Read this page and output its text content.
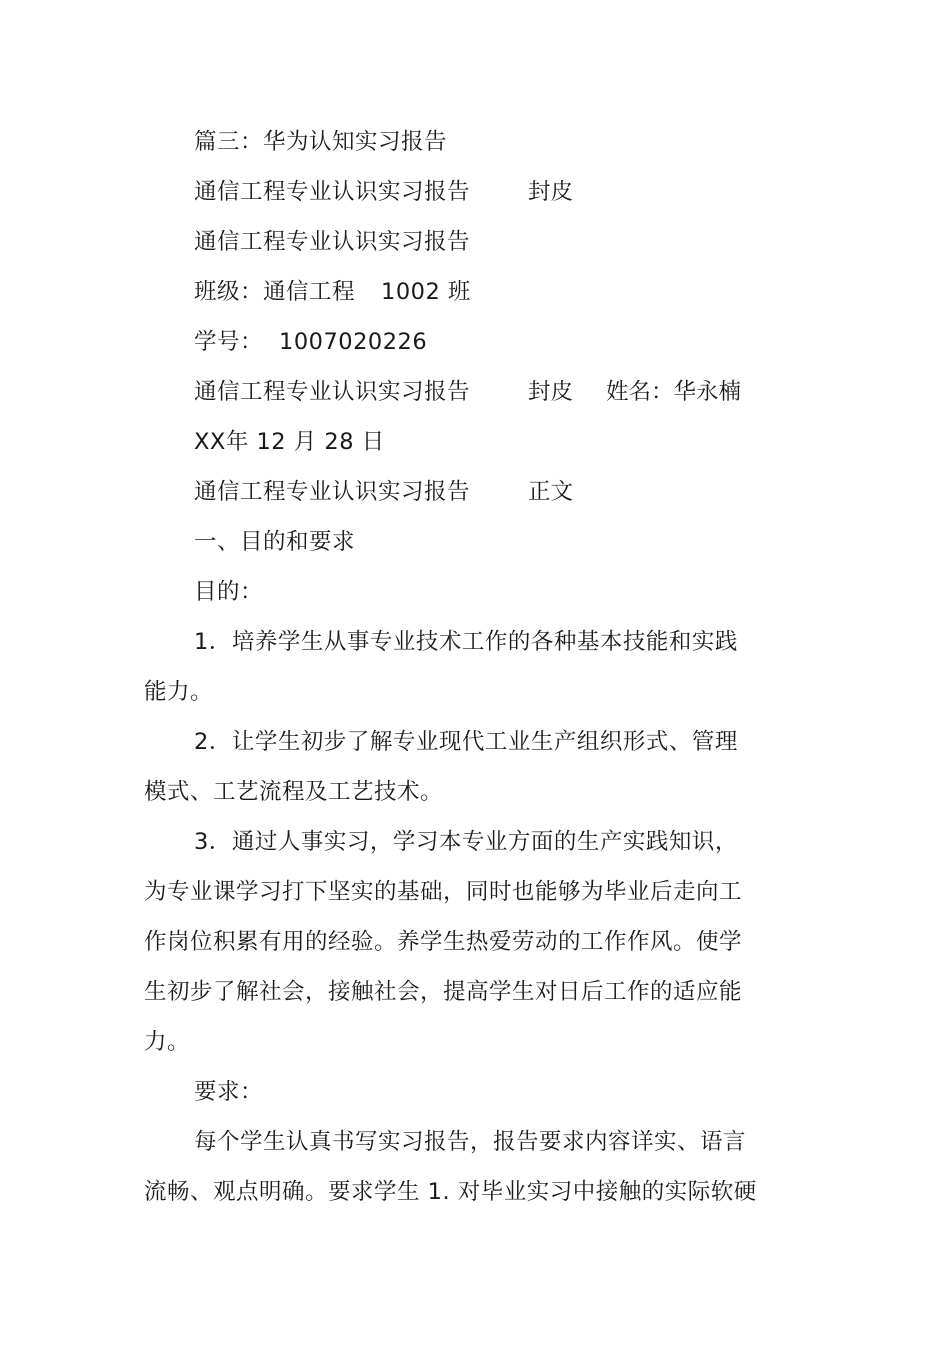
篇三：华为认知实习报告
通信工程专业认识实习报告	封皮
通信工程专业认识实习报告
班级：通信工程 1002 班
学号： 1007020226
通信工程专业认识实习报告	封皮 姓名：华永楠
XX年 12 月 28 日
通信工程专业认识实习报告	正文
一、目的和要求
目的：
1．培养学生从事专业技术工作的各种基本技能和实践
能力。
2．让学生初步了解专业现代工业生产组织形式、管理
模式、工艺流程及工艺技术。
3．通过人事实习，学习本专业方面的生产实践知识，
为专业课学习打下坚实的基础，同时也能够为毕业后走向工
作岗位积累有用的经验。养学生热爱劳动的工作作风。使学
生初步了解社会，接触社会，提高学生对日后工作的适应能
力。
要求：
每个学生认真书写实习报告，报告要求内容详实、语言
流畅、观点明确。要求学生 1. 对毕业实习中接触的实际软硬
